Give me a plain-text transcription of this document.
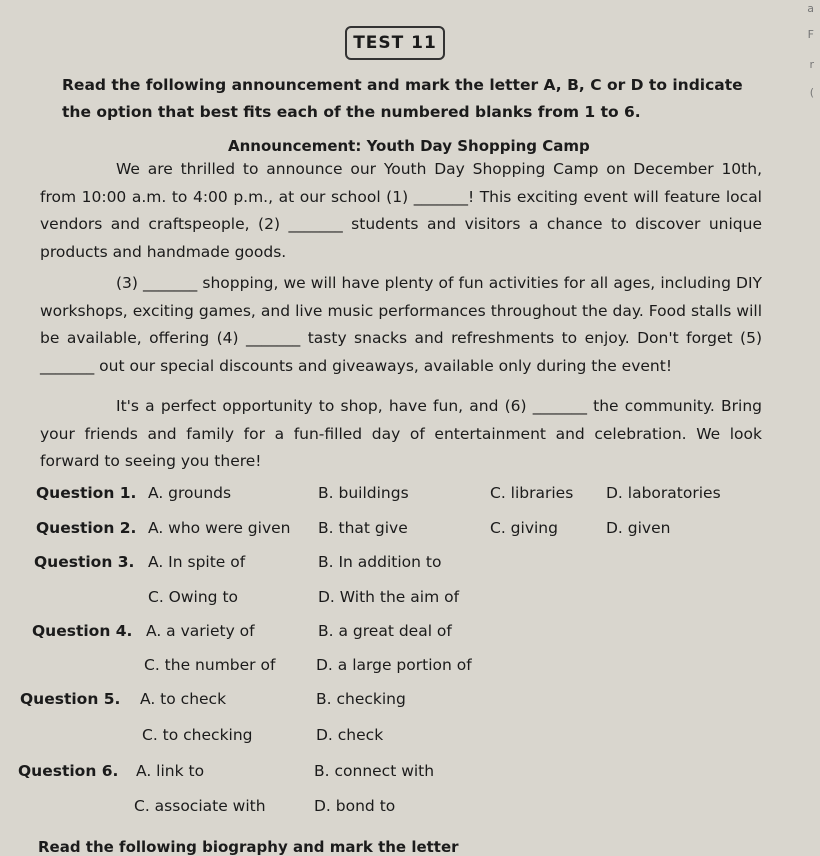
TEST 11
Read the following announcement and mark the letter A, B, C or D to indicate the option that best fits each of the numbered blanks from 1 to 6.
Announcement: Youth Day Shopping Camp
We are thrilled to announce our Youth Day Shopping Camp on December 10th, from 10:00 a.m. to 4:00 p.m., at our school (1) _______! This exciting event will feature local vendors and craftspeople, (2) _______ students and visitors a chance to discover unique products and handmade goods.
(3) _______ shopping, we will have plenty of fun activities for all ages, including DIY workshops, exciting games, and live music performances throughout the day. Food stalls will be available, offering (4) _______ tasty snacks and refreshments to enjoy. Don't forget (5) _______ out our special discounts and giveaways, available only during the event!
It's a perfect opportunity to shop, have fun, and (6) _______ the community. Bring your friends and family for a fun-filled day of entertainment and celebration. We look forward to seeing you there!
Question 1. A. grounds	B. buildings	C. libraries D. laboratories
Question 2. A. who were given B. that give	C. giving	D. given
Question 3. A. In spite of	B. In addition to
C. Owing to	D. With the aim of
Question 4. A. a variety of	B. a great deal of
C. the number of	D. a large portion of
Question 5. A. to check	B. checking
C. to checking	D. check
Question 6. A. link to	B. connect with
C. associate with	D. bond to
Read the following biography and mark the letter
a
F
r
(
